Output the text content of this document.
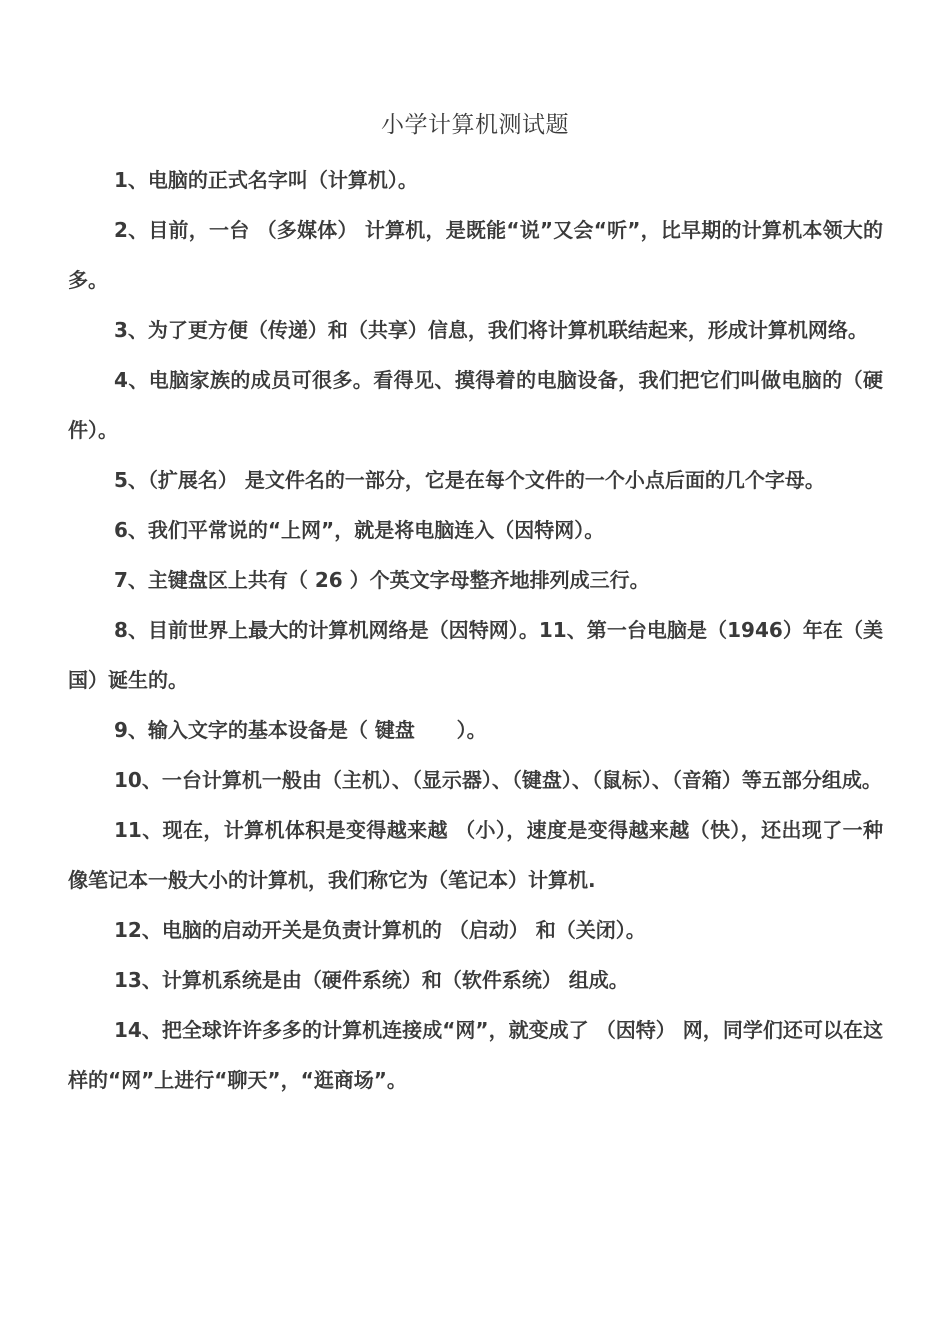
小学计算机测试题

1、电脑的正式名字叫（计算机）。

2、目前，一台 （多媒体） 计算机，是既能“说”又会“听”，比早期的计算机本领大的多。

3、为了更方便（传递）和（共享）信息，我们将计算机联结起来，形成计算机网络。

4、电脑家族的成员可很多。看得见、摸得着的电脑设备，我们把它们叫做电脑的（硬件）。

5、（扩展名） 是文件名的一部分，它是在每个文件的一个小点后面的几个字母。

6、我们平常说的“上网”，就是将电脑连入（因特网）。

7、主键盘区上共有（ 26 ）个英文字母整齐地排列成三行。

8、目前世界上最大的计算机网络是（因特网）。11、第一台电脑是（1946）年在（美国）诞生的。

9、输入文字的基本设备是（ 键盘      ）。

10、一台计算机一般由（主机）、（显示器）、（键盘）、（鼠标）、（音箱）等五部分组成。

11、现在，计算机体积是变得越来越 （小），速度是变得越来越（快），还出现了一种像笔记本一般大小的计算机，我们称它为（笔记本）计算机.

12、电脑的启动开关是负责计算机的 （启动） 和（关闭）。

13、计算机系统是由（硬件系统）和（软件系统） 组成。

14、把全球许许多多的计算机连接成“网”，就变成了 （因特） 网，同学们还可以在这样的“网”上进行“聊天”，“逛商场”。
